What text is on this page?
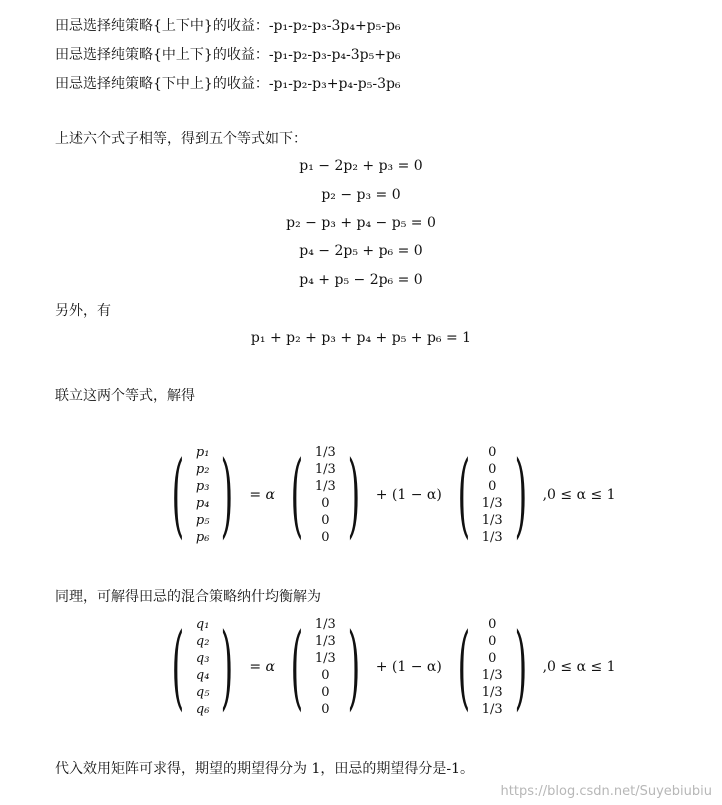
田忌选择纯策略{上下中}的收益：-p₁-p₂-p₃-3p₄+p₅-p₆
田忌选择纯策略{中上下}的收益：-p₁-p₂-p₃-p₄-3p₅+p₆
田忌选择纯策略{下中上}的收益：-p₁-p₂-p₃+p₄-p₅-3p₆
上述六个式子相等，得到五个等式如下：
p₁ − 2p₂ + p₃ = 0
p₂ − p₃ = 0
p₂ − p₃ + p₄ − p₅ = 0
p₄ − 2p₅ + p₆ = 0
p₄ + p₅ − 2p₆ = 0
另外，有
p₁ + p₂ + p₃ + p₄ + p₅ + p₆ = 1
联立这两个等式，解得
( p₁
p₂
p₃
p₄
p₅
p₆ ) = α ( 1/3
1/3
1/3
0
0
0 ) + (1 − α) (	0
0
0
1/3
1/3
1/3 ) ,0 ≤ α ≤ 1
同理，可解得田忌的混合策略纳什均衡解为
( q₁
q₂
q₃
q₄
q₅
q₆ ) = α ( 1/3
1/3
1/3
0
0
0 ) + (1 − α) (	0
0
0
1/3
1/3
1/3 ) ,0 ≤ α ≤ 1
代入效用矩阵可求得，期望的期望得分为 1，田忌的期望得分是-1。
https://blog.csdn.net/Suyebiubiu
